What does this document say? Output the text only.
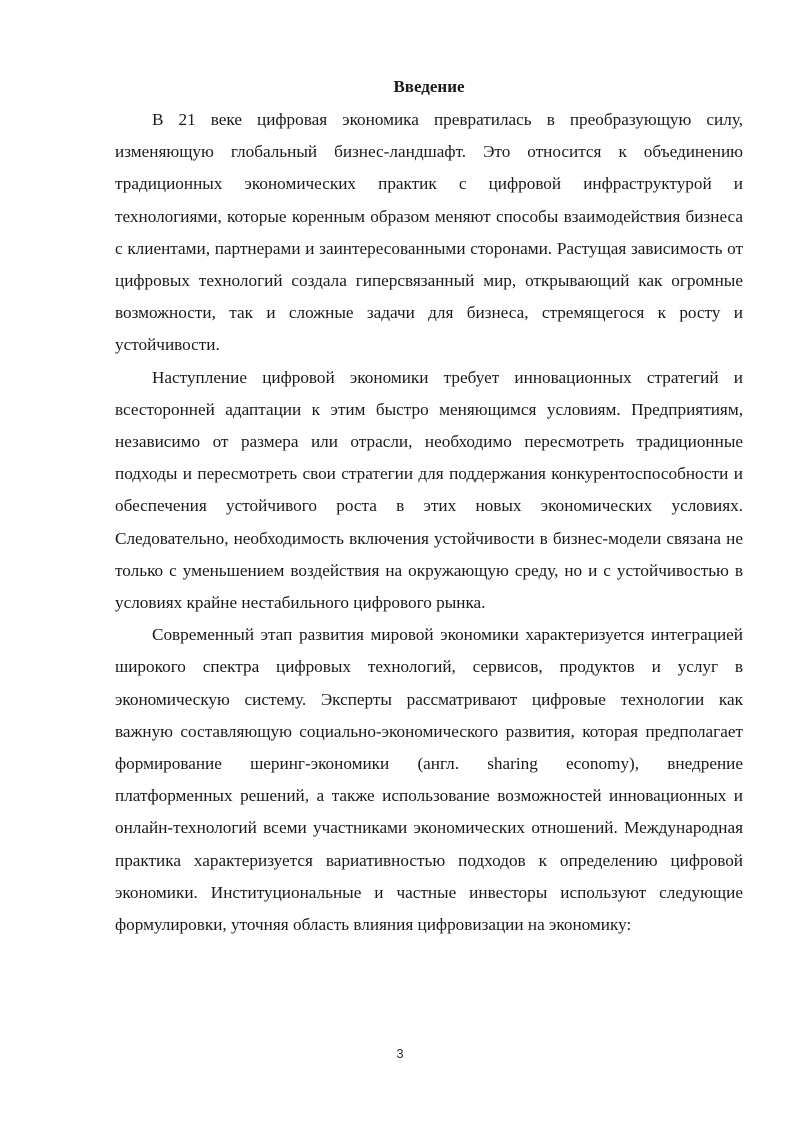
Введение

В 21 веке цифровая экономика превратилась в преобразующую силу, изменяющую глобальный бизнес-ландшафт. Это относится к объединению традиционных экономических практик с цифровой инфраструктурой и технологиями, которые коренным образом меняют способы взаимодействия бизнеса с клиентами, партнерами и заинтересованными сторонами. Растущая зависимость от цифровых технологий создала гиперсвязанный мир, открывающий как огромные возможности, так и сложные задачи для бизнеса, стремящегося к росту и устойчивости.

Наступление цифровой экономики требует инновационных стратегий и всесторонней адаптации к этим быстро меняющимся условиям. Предприятиям, независимо от размера или отрасли, необходимо пересмотреть традиционные подходы и пересмотреть свои стратегии для поддержания конкурентоспособности и обеспечения устойчивого роста в этих новых экономических условиях. Следовательно, необходимость включения устойчивости в бизнес-модели связана не только с уменьшением воздействия на окружающую среду, но и с устойчивостью в условиях крайне нестабильного цифрового рынка.

Современный этап развития мировой экономики характеризуется интеграцией широкого спектра цифровых технологий, сервисов, продуктов и услуг в экономическую систему. Эксперты рассматривают цифровые технологии как важную составляющую социально-экономического развития, которая предполагает формирование шеринг-экономики (англ. sharing economy), внедрение платформенных решений, а также использование возможностей инновационных и онлайн-технологий всеми участниками экономических отношений. Международная практика характеризуется вариативностью подходов к определению цифровой экономики. Институциональные и частные инвесторы используют следующие формулировки, уточняя область влияния цифровизации на экономику:

3
